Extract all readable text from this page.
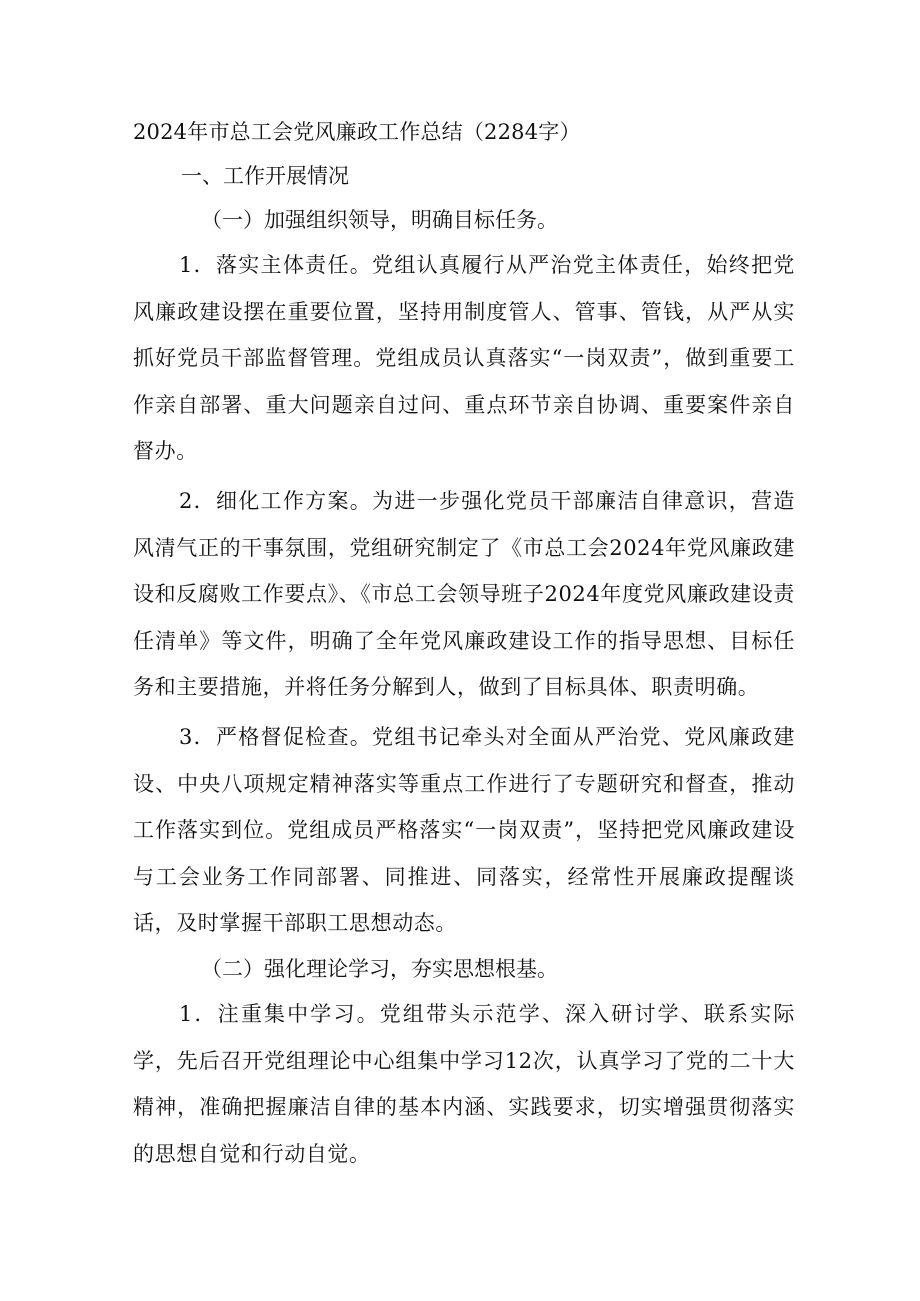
2024年市总工会党风廉政工作总结（2284字）

一、工作开展情况

（一）加强组织领导，明确目标任务。

1．落实主体责任。党组认真履行从严治党主体责任，始终把党风廉政建设摆在重要位置，坚持用制度管人、管事、管钱，从严从实抓好党员干部监督管理。党组成员认真落实“一岗双责”，做到重要工作亲自部署、重大问题亲自过问、重点环节亲自协调、重要案件亲自督办。

2．细化工作方案。为进一步强化党员干部廉洁自律意识，营造风清气正的干事氛围，党组研究制定了《市总工会2024年党风廉政建设和反腐败工作要点》、《市总工会领导班子2024年度党风廉政建设责任清单》等文件，明确了全年党风廉政建设工作的指导思想、目标任务和主要措施，并将任务分解到人，做到了目标具体、职责明确。

3．严格督促检查。党组书记牵头对全面从严治党、党风廉政建设、中央八项规定精神落实等重点工作进行了专题研究和督查，推动工作落实到位。党组成员严格落实“一岗双责”，坚持把党风廉政建设与工会业务工作同部署、同推进、同落实，经常性开展廉政提醒谈话，及时掌握干部职工思想动态。

（二）强化理论学习，夯实思想根基。

1．注重集中学习。党组带头示范学、深入研讨学、联系实际学，先后召开党组理论中心组集中学习12次，认真学习了党的二十大精神，准确把握廉洁自律的基本内涵、实践要求，切实增强贯彻落实的思想自觉和行动自觉。
